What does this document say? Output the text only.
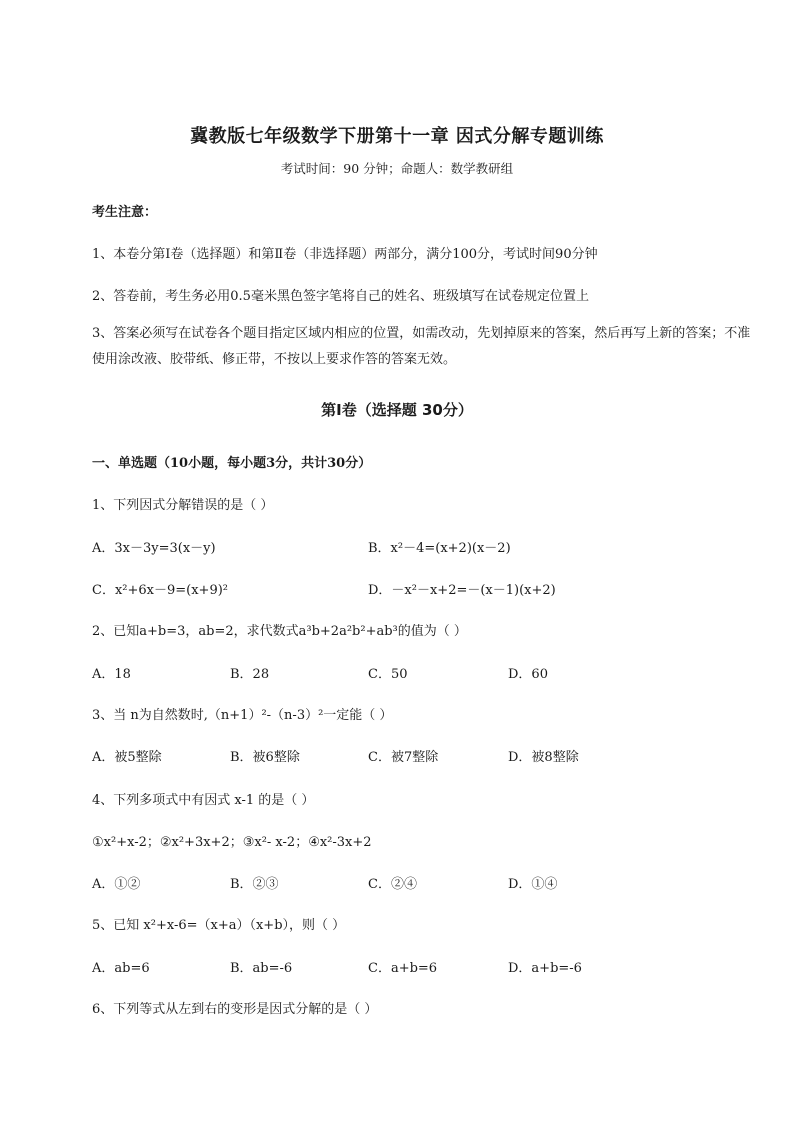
冀教版七年级数学下册第十一章 因式分解专题训练
考试时间：90 分钟；命题人：数学教研组
考生注意：
1、本卷分第I卷（选择题）和第Ⅱ卷（非选择题）两部分，满分100分，考试时间90分钟
2、答卷前，考生务必用0.5毫米黑色签字笔将自己的姓名、班级填写在试卷规定位置上
3、答案必须写在试卷各个题目指定区域内相应的位置，如需改动，先划掉原来的答案，然后再写上新的答案；不准使用涂改液、胶带纸、修正带，不按以上要求作答的答案无效。
第I卷（选择题 30分）
一、单选题（10小题，每小题3分，共计30分）
1、下列因式分解错误的是（ ）
A．3x－3y=3(x－y)	B．x²－4=(x+2)(x－2)
C．x²+6x－9=(x+9)²	D．－x²－x+2=－(x－1)(x+2)
2、已知a+b=3，ab=2，求代数式a³b+2a²b²+ab³的值为（ ）
A．18	B．28	C．50	D．60
3、当 n为自然数时,（n+1）²-（n-3）²一定能（ ）
A．被5整除	B．被6整除	C．被7整除	D．被8整除
4、下列多项式中有因式 x-1 的是（ ）
①x²+x-2；②x²+3x+2；③x²- x-2；④x²-3x+2
A．①②	B．②③	C．②④	D．①④
5、已知 x²+x-6=（x+a）（x+b），则（ ）
A．ab=6	B．ab=-6	C．a+b=6	D．a+b=-6
6、下列等式从左到右的变形是因式分解的是（ ）
